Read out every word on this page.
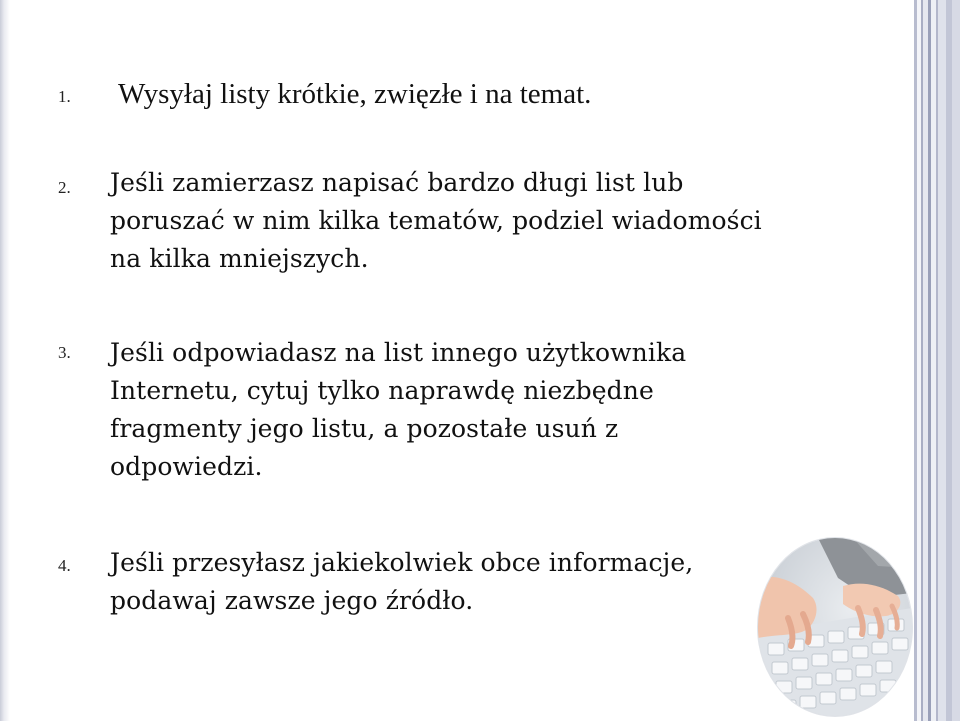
1. Wysyłaj listy krótkie, zwięzłe i na temat.
2. Jeśli zamierzasz napisać bardzo długi list lub
poruszać w nim kilka tematów, podziel wiadomości
na kilka mniejszych.
3. Jeśli odpowiadasz na list innego użytkownika
Internetu, cytuj tylko naprawdę niezbędne
fragmenty jego listu, a pozostałe usuń z
odpowiedzi.
4. Jeśli przesyłasz jakiekolwiek obce informacje,
podawaj zawsze jego źródło.
